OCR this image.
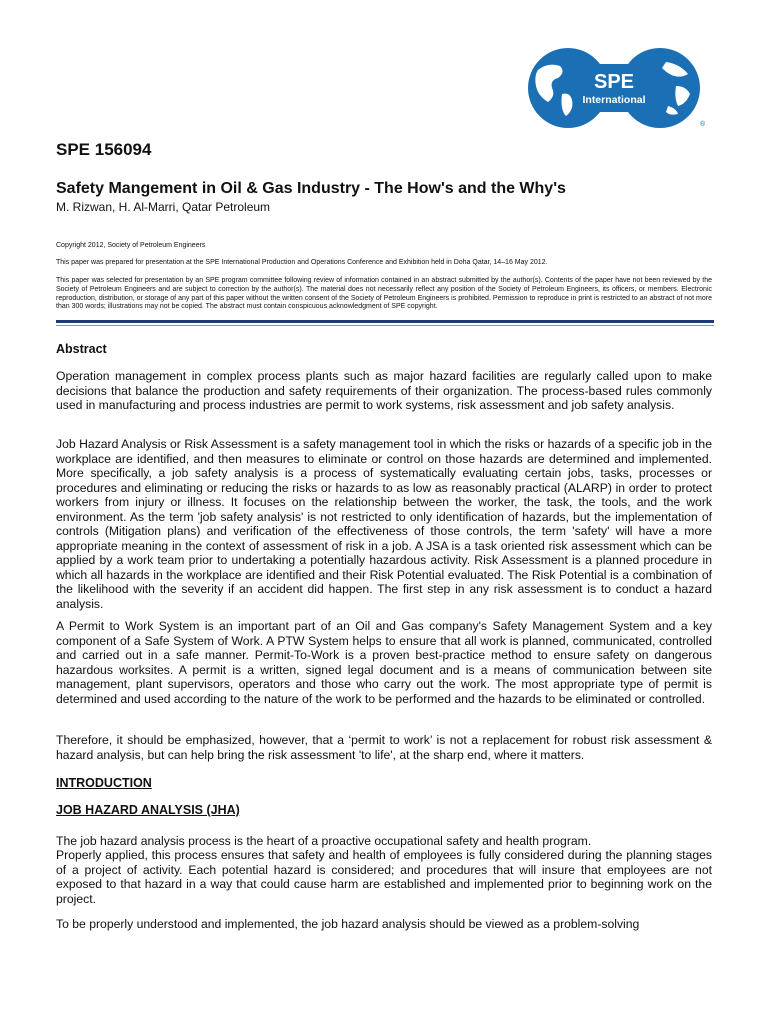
SPE
International
®

SPE 156094

Safety Mangement in Oil & Gas Industry - The How's and the Why's

M. Rizwan, H. Al-Marri, Qatar Petroleum

Copyright 2012, Society of Petroleum Engineers

This paper was prepared for presentation at the SPE International Production and Operations Conference and Exhibition held in Doha Qatar, 14–16 May 2012.

This paper was selected for presentation by an SPE program committee following review of information contained in an abstract submitted by the author(s). Contents of the paper have not been reviewed by the Society of Petroleum Engineers and are subject to correction by the author(s). The material does not necessarily reflect any position of the Society of Petroleum Engineers, its officers, or members. Electronic reproduction, distribution, or storage of any part of this paper without the written consent of the Society of Petroleum Engineers is prohibited. Permission to reproduce in print is restricted to an abstract of not more than 300 words; illustrations may not be copied. The abstract must contain conspicuous acknowledgment of SPE copyright.

Abstract

Operation management in complex process plants such as major hazard facilities are regularly called upon to make decisions that balance the production and safety requirements of their organization. The process-based rules commonly used in manufacturing and process industries are permit to work systems, risk assessment and job safety analysis.

Job Hazard Analysis or Risk Assessment is a safety management tool in which the risks or hazards of a specific job in the workplace are identified, and then measures to eliminate or control on those hazards are determined and implemented. More specifically, a job safety analysis is a process of systematically evaluating certain jobs, tasks, processes or procedures and eliminating or reducing the risks or hazards to as low as reasonably practical (ALARP) in order to protect workers from injury or illness. It focuses on the relationship between the worker, the task, the tools, and the work environment. As the term 'job safety analysis' is not restricted to only identification of hazards, but the implementation of controls (Mitigation plans) and verification of the effectiveness of those controls, the term 'safety' will have a more appropriate meaning in the context of assessment of risk in a job. A JSA is a task oriented risk assessment which can be applied by a work team prior to undertaking a potentially hazardous activity. Risk Assessment is a planned procedure in which all hazards in the workplace are identified and their Risk Potential evaluated. The Risk Potential is a combination of the likelihood with the severity if an accident did happen. The first step in any risk assessment is to conduct a hazard analysis.

A Permit to Work System is an important part of an Oil and Gas company's Safety Management System and a key component of a Safe System of Work. A PTW System helps to ensure that all work is planned, communicated, controlled and carried out in a safe manner. Permit-To-Work is a proven best-practice method to ensure safety on dangerous hazardous worksites. A permit is a written, signed legal document and is a means of communication between site management, plant supervisors, operators and those who carry out the work. The most appropriate type of permit is determined and used according to the nature of the work to be performed and the hazards to be eliminated or controlled.

Therefore, it should be emphasized, however, that a ‘permit to work’ is not a replacement for robust risk assessment & hazard analysis, but can help bring the risk assessment 'to life', at the sharp end, where it matters.

INTRODUCTION

JOB HAZARD ANALYSIS (JHA)

The job hazard analysis process is the heart of a proactive occupational safety and health program.

Properly applied, this process ensures that safety and health of employees is fully considered during the planning stages of a project of activity. Each potential hazard is considered; and procedures that will insure that employees are not exposed to that hazard in a way that could cause harm are established and implemented prior to beginning work on the project.

To be properly understood and implemented, the job hazard analysis should be viewed as a problem-solving
